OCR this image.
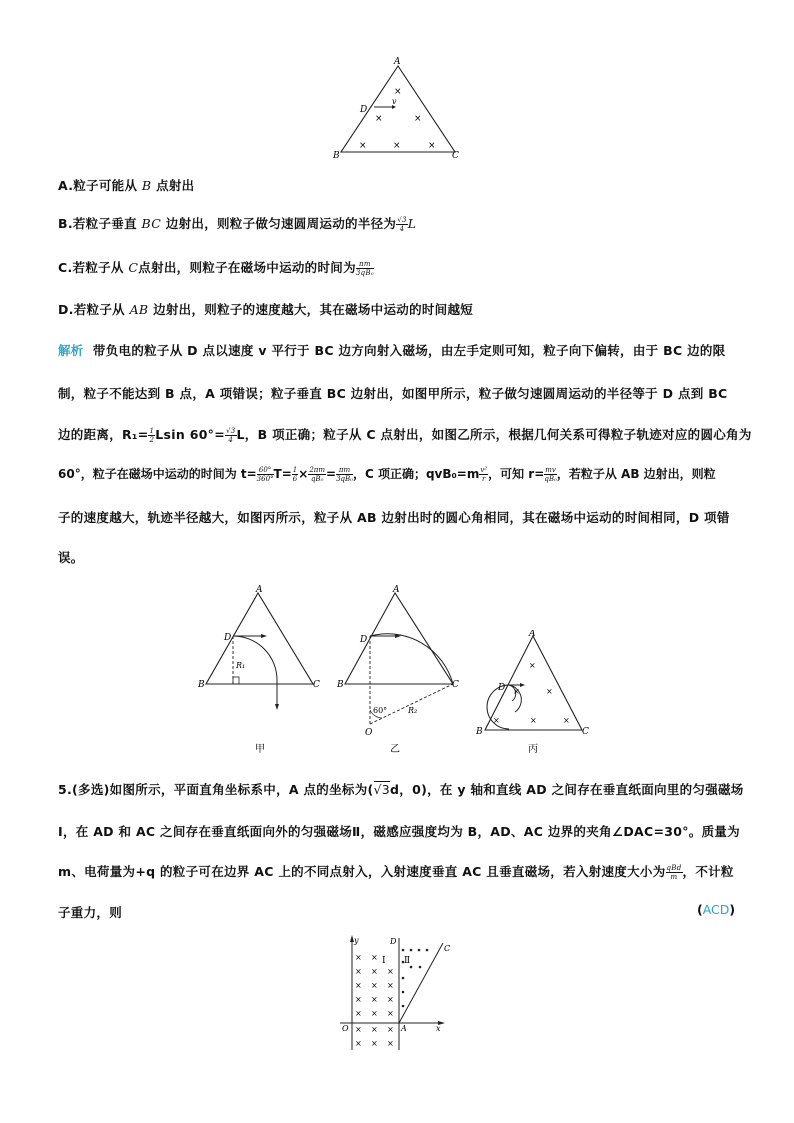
A
B	C
D
v
×
×	×
×	×	×
A.粒子可能从 B 点射出
B.若粒子垂直 BC 边射出，则粒子做匀速圆周运动的半径为 $\frac{√3}{4}$ L
C.若粒子从 C点射出，则粒子在磁场中运动的时间为 $\frac{\pi m}{\text{3qB₀}}$
D.若粒子从 AB 边射出，则粒子的速度越大，其在磁场中运动的时间越短
解析 带负电的粒子从 D 点以速度 v 平行于 BC 边方向射入磁场，由左手定则可知，粒子向下偏转，由于 BC 边的限
制，粒子不能达到 B 点，A 项错误；粒子垂直 BC 边射出，如图甲所示，粒子做匀速圆周运动的半径等于 D 点到 BC
边的距离，$R_1= \frac{1}{2}$ Lsin $60^\circ= \frac{√3}{4}$ L，B 项正确；粒子从 C 点射出，如图乙所示，根据几何关系可得粒子轨迹对应的圆心角为
60°，粒子在磁场中运动的时间为 $t= \frac{60^\circ}{360^\circ} T= \frac{1}{6} \times \frac{2\pi m}{\text{qB₀}} = \frac{\pi m}{\text{3qB₀}}$ ，C 项正确；$qvB_0=m \frac{\text{v²}}{r}$ ，可知 $r= \frac{mv}{\text{qB₀}}$ ，若粒子从 AB 边射出，则粒
子的速度越大，轨迹半径越大，如图丙所示，粒子从 AB 边射出时的圆心角相同，其在磁场中运动的时间相同，D 项错
误。
A
B	C
D
R₁
甲
A
B	C
D
O
R₂
60°
乙
A
B	C
D
×
×	×
×	×	×
丙
5.(多选)如图所示，平面直角坐标系中，A 点的坐标为(√3d，0)，在 y 轴和直线 AD 之间存在垂直纸面向里的匀强磁场
Ⅰ，在 AD 和 AC 之间存在垂直纸面向外的匀强磁场Ⅱ，磁感应强度均为 B，AD、AC 边界的夹角∠DAC=30°。质量为
m、电荷量为+q 的粒子可在边界 AC 上的不同点射入，入射速度垂直 AC 且垂直磁场，若入射速度大小为 $\frac{\text{qBd}}{m}$ ，不计粒
子重力，则	(ACD)
y
x
O	A
D
C
Ⅰ Ⅱ
× ×
× × ×
× × ×
× × ×
× × ×
× × ×
× × ×
